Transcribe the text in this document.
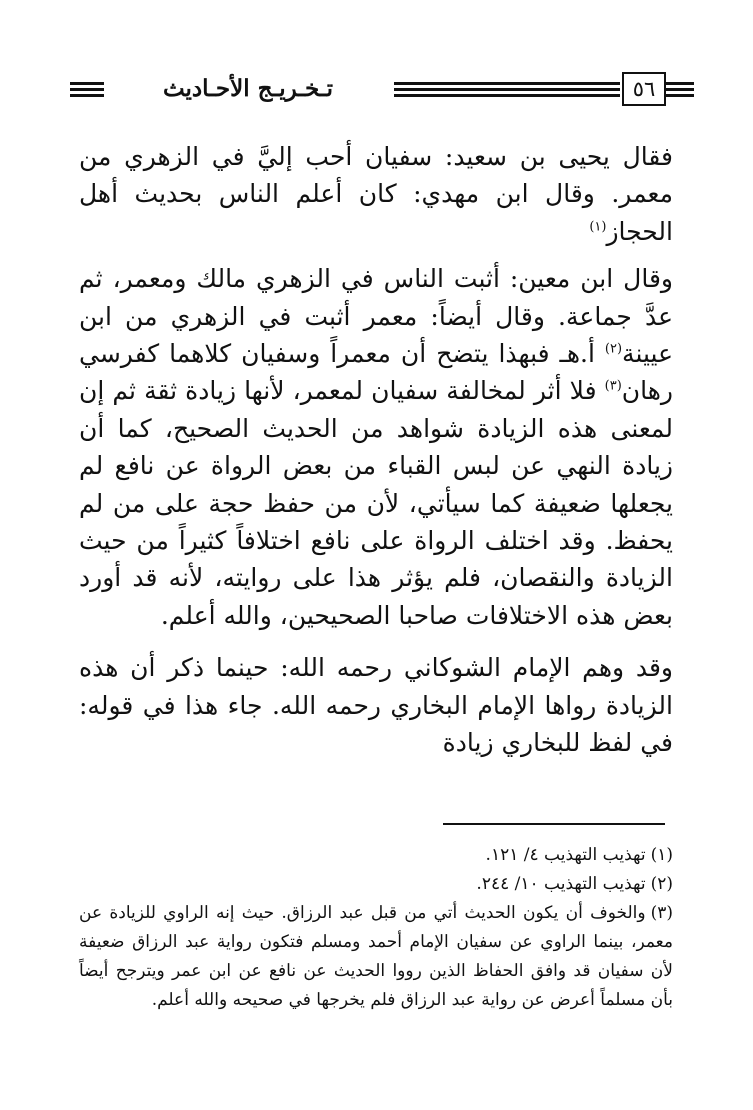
٥٦
تـخـريـج الأحـاديث

فقال يحيى بن سعيد: سفيان أحب إليَّ في الزهري من معمر. وقال ابن مهدي: كان أعلم الناس بحديث أهل الحجاز$^{(١)}$

وقال ابن معين: أثبت الناس في الزهري مالك ومعمر، ثم عدَّ جماعة. وقال أيضاً: معمر أثبت في الزهري من ابن عيينة$^{(٢)}$ أ.هـ فبهذا يتضح أن معمراً وسفيان كلاهما كفرسي رهان$^{(٣)}$ فلا أثر لمخالفة سفيان لمعمر، لأنها زيادة ثقة ثم إن لمعنى هذه الزيادة شواهد من الحديث الصحيح، كما أن زيادة النهي عن لبس القباء من بعض الرواة عن نافع لم يجعلها ضعيفة كما سيأتي، لأن من حفظ حجة على من لم يحفظ. وقد اختلف الرواة على نافع اختلافاً كثيراً من حيث الزيادة والنقصان، فلم يؤثر هذا على روايته، لأنه قد أورد بعض هذه الاختلافات صاحبا الصحيحين، والله أعلم.

وقد وهم الإمام الشوكاني رحمه الله: حينما ذكر أن هذه الزيادة رواها الإمام البخاري رحمه الله. جاء هذا في قوله: في لفظ للبخاري زيادة

(١)تهذيب التهذيب ٤/ ١٢١.

(٢)تهذيب التهذيب ١٠/ ٢٤٤.

(٣)والخوف أن يكون الحديث أتي من قبل عبد الرزاق. حيث إنه الراوي للزيادة عن معمر، بينما الراوي عن سفيان الإمام أحمد ومسلم فتكون رواية عبد الرزاق ضعيفة لأن سفيان قد وافق الحفاظ الذين رووا الحديث عن نافع عن ابن عمر ويترجح أيضاً بأن مسلماً أعرض عن رواية عبد الرزاق فلم يخرجها في صحيحه والله أعلم.
